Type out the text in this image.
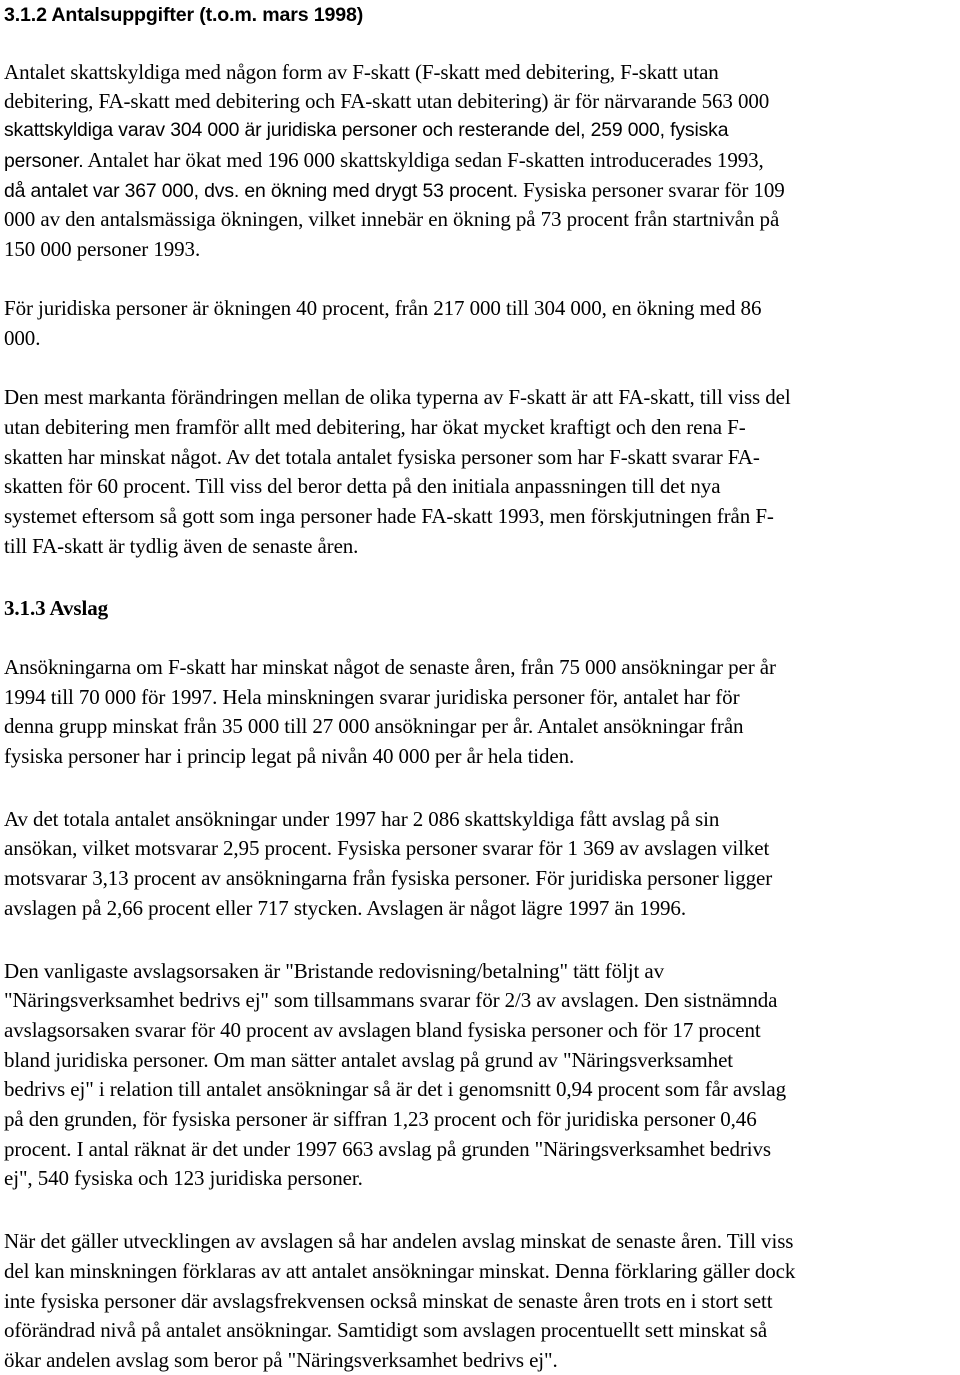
3.1.2 Antalsuppgifter (t.o.m. mars 1998)
Antalet skattskyldiga med någon form av F-skatt (F-skatt med debitering, F-skatt utan
debitering, FA-skatt med debitering och FA-skatt utan debitering) är för närvarande 563 000
skattskyldiga varav 304 000 är juridiska personer och resterande del, 259 000, fysiska
personer. Antalet har ökat med 196 000 skattskyldiga sedan F-skatten introducerades 1993,
då antalet var 367 000, dvs. en ökning med drygt 53 procent. Fysiska personer svarar för 109
000 av den antalsmässiga ökningen, vilket innebär en ökning på 73 procent från startnivån på
150 000 personer 1993.
För juridiska personer är ökningen 40 procent, från 217 000 till 304 000, en ökning med 86
000.
Den mest markanta förändringen mellan de olika typerna av F-skatt är att FA-skatt, till viss del
utan debitering men framför allt med debitering, har ökat mycket kraftigt och den rena F-
skatten har minskat något. Av det totala antalet fysiska personer som har F-skatt svarar FA-
skatten för 60 procent. Till viss del beror detta på den initiala anpassningen till det nya
systemet eftersom så gott som inga personer hade FA-skatt 1993, men förskjutningen från F-
till FA-skatt är tydlig även de senaste åren.
3.1.3 Avslag
Ansökningarna om F-skatt har minskat något de senaste åren, från 75 000 ansökningar per år
1994 till 70 000 för 1997. Hela minskningen svarar juridiska personer för, antalet har för
denna grupp minskat från 35 000 till 27 000 ansökningar per år. Antalet ansökningar från
fysiska personer har i princip legat på nivån 40 000 per år hela tiden.
Av det totala antalet ansökningar under 1997 har 2 086 skattskyldiga fått avslag på sin
ansökan, vilket motsvarar 2,95 procent. Fysiska personer svarar för 1 369 av avslagen vilket
motsvarar 3,13 procent av ansökningarna från fysiska personer. För juridiska personer ligger
avslagen på 2,66 procent eller 717 stycken. Avslagen är något lägre 1997 än 1996.
Den vanligaste avslagsorsaken är "Bristande redovisning/betalning" tätt följt av
"Näringsverksamhet bedrivs ej" som tillsammans svarar för 2/3 av avslagen. Den sistnämnda
avslagsorsaken svarar för 40 procent av avslagen bland fysiska personer och för 17 procent
bland juridiska personer. Om man sätter antalet avslag på grund av "Näringsverksamhet
bedrivs ej" i relation till antalet ansökningar så är det i genomsnitt 0,94 procent som får avslag
på den grunden, för fysiska personer är siffran 1,23 procent och för juridiska personer 0,46
procent. I antal räknat är det under 1997 663 avslag på grunden "Näringsverksamhet bedrivs
ej", 540 fysiska och 123 juridiska personer.
När det gäller utvecklingen av avslagen så har andelen avslag minskat de senaste åren. Till viss
del kan minskningen förklaras av att antalet ansökningar minskat. Denna förklaring gäller dock
inte fysiska personer där avslagsfrekvensen också minskat de senaste åren trots en i stort sett
oförändrad nivå på antalet ansökningar. Samtidigt som avslagen procentuellt sett minskat så
ökar andelen avslag som beror på "Näringsverksamhet bedrivs ej".
